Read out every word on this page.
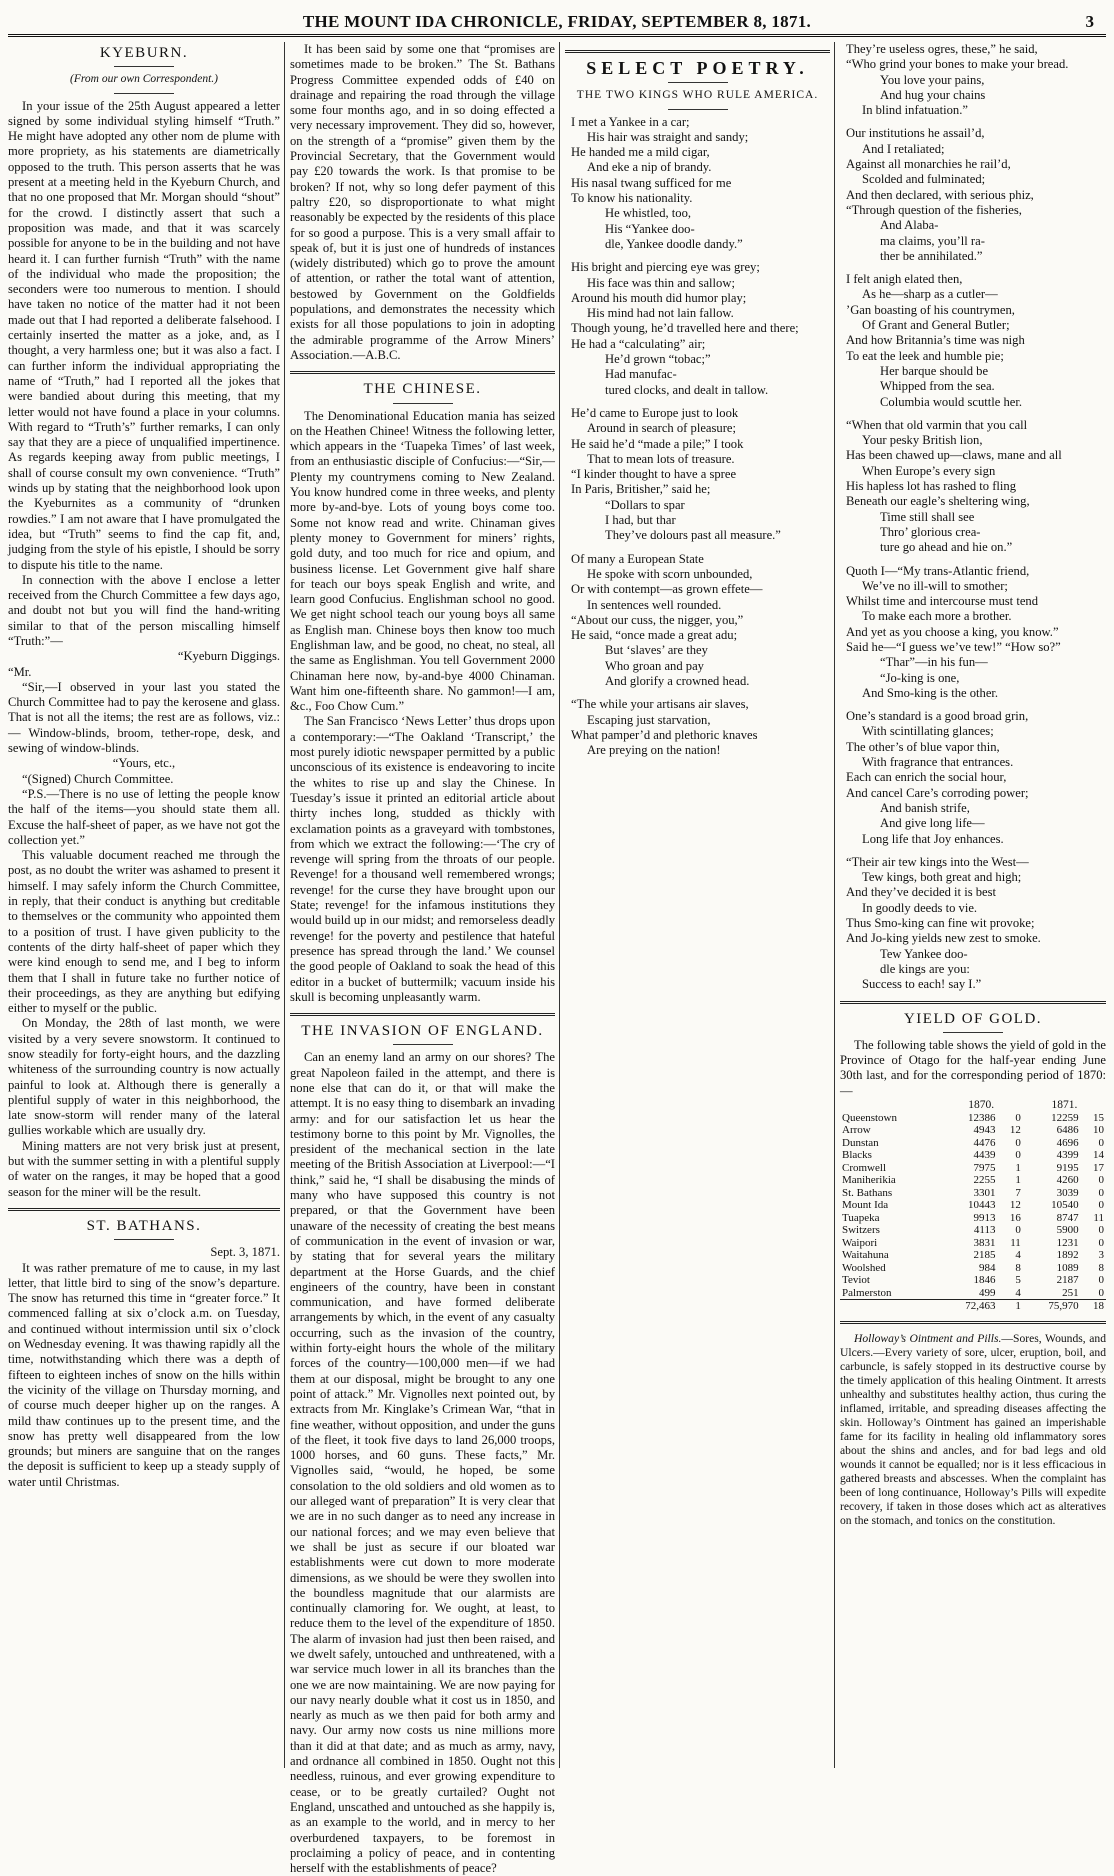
THE MOUNT IDA CHRONICLE, FRIDAY, SEPTEMBER 8, 1871.	3
KYEBURN.
(From our own Correspondent.)

In your issue of the 25th August appeared a letter signed by some individual styling himself “Truth.” He might have adopted any other nom de plume with more propriety, as his statements are diametrically opposed to the truth. This person asserts that he was present at a meeting held in the Kyeburn Church, and that no one proposed that Mr. Morgan should “shout” for the crowd. I distinctly assert that such a proposition was made, and that it was scarcely possible for anyone to be in the building and not have heard it. I can further furnish “Truth” with the name of the individual who made the proposition; the seconders were too numerous to mention. I should have taken no notice of the matter had it not been made out that I had reported a deliberate falsehood. I certainly inserted the matter as a joke, and, as I thought, a very harmless one; but it was also a fact. I can further inform the individual appropriating the name of “Truth,” had I reported all the jokes that were bandied about during this meeting, that my letter would not have found a place in your columns. With regard to “Truth’s” further remarks, I can only say that they are a piece of unqualified impertinence. As regards keeping away from public meetings, I shall of course consult my own convenience. “Truth” winds up by stating that the neighborhood look upon the Kyeburnites as a community of “drunken rowdies.” I am not aware that I have promulgated the idea, but “Truth” seems to find the cap fit, and, judging from the style of his epistle, I should be sorry to dispute his title to the name.

In connection with the above I enclose a letter received from the Church Committee a few days ago, and doubt not but you will find the hand-writing similar to that of the person miscalling himself “Truth:”—

“Kyeburn Diggings.

“Mr.

“Sir,—I observed in your last you stated the Church Committee had to pay the kerosene and glass. That is not all the items; the rest are as follows, viz.:— Window-blinds, broom, tether-rope, desk, and sewing of window-blinds.

“Yours, etc.,

“(Signed) Church Committee.

“P.S.—There is no use of letting the people know the half of the items—you should state them all. Excuse the half-sheet of paper, as we have not got the collection yet.”

This valuable document reached me through the post, as no doubt the writer was ashamed to present it himself. I may safely inform the Church Committee, in reply, that their conduct is anything but creditable to themselves or the community who appointed them to a position of trust. I have given publicity to the contents of the dirty half-sheet of paper which they were kind enough to send me, and I beg to inform them that I shall in future take no further notice of their proceedings, as they are anything but edifying either to myself or the public.

On Monday, the 28th of last month, we were visited by a very severe snowstorm. It continued to snow steadily for forty-eight hours, and the dazzling whiteness of the surrounding country is now actually painful to look at. Although there is generally a plentiful supply of water in this neighborhood, the late snow-storm will render many of the lateral gullies workable which are usually dry.

Mining matters are not very brisk just at present, but with the summer setting in with a plentiful supply of water on the ranges, it may be hoped that a good season for the miner will be the result.

ST. BATHANS.
Sept. 3, 1871.

It was rather premature of me to cause, in my last letter, that little bird to sing of the snow’s departure. The snow has returned this time in “greater force.” It commenced falling at six o’clock a.m. on Tuesday, and continued without intermission until six o’clock on Wednesday evening. It was thawing rapidly all the time, notwithstanding which there was a depth of fifteen to eighteen inches of snow on the hills within the vicinity of the village on Thursday morning, and of course much deeper higher up on the ranges. A mild thaw continues up to the present time, and the snow has pretty well disappeared from the low grounds; but miners are sanguine that on the ranges the deposit is sufficient to keep up a steady supply of water until Christmas.

It has been said by some one that “promises are sometimes made to be broken.” The St. Bathans Progress Committee expended odds of £40 on drainage and repairing the road through the village some four months ago, and in so doing effected a very necessary improvement. They did so, however, on the strength of a “promise” given them by the Provincial Secretary, that the Government would pay £20 towards the work. Is that promise to be broken? If not, why so long defer payment of this paltry £20, so disproportionate to what might reasonably be expected by the residents of this place for so good a purpose. This is a very small affair to speak of, but it is just one of hundreds of instances (widely distributed) which go to prove the amount of attention, or rather the total want of attention, bestowed by Government on the Goldfields populations, and demonstrates the necessity which exists for all those populations to join in adopting the admirable programme of the Arrow Miners’ Association.—A.B.C.

THE CHINESE.

The Denominational Education mania has seized on the Heathen Chinee! Witness the following letter, which appears in the ‘Tuapeka Times’ of last week, from an enthusiastic disciple of Confucius:—“Sir,—Plenty my countrymens coming to New Zealand. You know hundred come in three weeks, and plenty more by-and-bye. Lots of young boys come too. Some not know read and write. Chinaman gives plenty money to Government for miners’ rights, gold duty, and too much for rice and opium, and business license. Let Government give half share for teach our boys speak English and write, and learn good Confucius. Englishman school no good. We get night school teach our young boys all same as English man. Chinese boys then know too much Englishman law, and be good, no cheat, no steal, all the same as Englishman. You tell Government 2000 Chinaman here now, by-and-bye 4000 Chinaman. Want him one-fifteenth share. No gammon!—I am, &c., Foo Chow Cum.”

The San Francisco ‘News Letter’ thus drops upon a contemporary:—“The Oakland ‘Transcript,’ the most purely idiotic newspaper permitted by a public unconscious of its existence is endeavoring to incite the whites to rise up and slay the Chinese. In Tuesday’s issue it printed an editorial article about thirty inches long, studded as thickly with exclamation points as a graveyard with tombstones, from which we extract the following:—‘The cry of revenge will spring from the throats of our people. Revenge! for a thousand well remembered wrongs; revenge! for the curse they have brought upon our State; revenge! for the infamous institutions they would build up in our midst; and remorseless deadly revenge! for the poverty and pestilence that hateful presence has spread through the land.’ We counsel the good people of Oakland to soak the head of this editor in a bucket of buttermilk; vacuum inside his skull is becoming unpleasantly warm.

THE INVASION OF ENGLAND.

Can an enemy land an army on our shores? The great Napoleon failed in the attempt, and there is none else that can do it, or that will make the attempt. It is no easy thing to disembark an invading army: and for our satisfaction let us hear the testimony borne to this point by Mr. Vignolles, the president of the mechanical section in the late meeting of the British Association at Liverpool:—“I think,” said he, “I shall be disabusing the minds of many who have supposed this country is not prepared, or that the Government have been unaware of the necessity of creating the best means of communication in the event of invasion or war, by stating that for several years the military department at the Horse Guards, and the chief engineers of the country, have been in constant communication, and have formed deliberate arrangements by which, in the event of any casualty occurring, such as the invasion of the country, within forty-eight hours the whole of the military forces of the country—100,000 men—if we had them at our disposal, might be brought to any one point of attack.” Mr. Vignolles next pointed out, by extracts from Mr. Kinglake’s Crimean War, “that in fine weather, without opposition, and under the guns of the fleet, it took five days to land 26,000 troops, 1000 horses, and 60 guns. These facts,” Mr. Vignolles said, “would, he hoped, be some consolation to the old soldiers and old women as to our alleged want of preparation” It is very clear that we are in no such danger as to need any increase in our national forces; and we may even believe that we shall be just as secure if our bloated war establishments were cut down to more moderate dimensions, as we should be were they swollen into the boundless magnitude that our alarmists are continually clamoring for. We ought, at least, to reduce them to the level of the expenditure of 1850. The alarm of invasion had just then been raised, and we dwelt safely, untouched and unthreatened, with a war service much lower in all its branches than the one we are now maintaining. We are now paying for our navy nearly double what it cost us in 1850, and nearly as much as we then paid for both army and navy. Our army now costs us nine millions more than it did at that date; and as much as army, navy, and ordnance all combined in 1850. Ought not this needless, ruinous, and ever growing expenditure to cease, or to be greatly curtailed? Ought not England, unscathed and untouched as she happily is, as an example to the world, and in mercy to her overburdened taxpayers, to be foremost in proclaiming a policy of peace, and in contenting herself with the establishments of peace?

SELECT POETRY.
THE TWO KINGS WHO RULE AMERICA.
I met a Yankee in a car;
His hair was straight and sandy;
He handed me a mild cigar,
And eke a nip of brandy.
His nasal twang sufficed for me
To know his nationality.
He whistled, too,
His “Yankee doo-
dle, Yankee doodle dandy.”
His bright and piercing eye was grey;
His face was thin and sallow;
Around his mouth did humor play;
His mind had not lain fallow.
Though young, he’d travelled here and there;
He had a “calculating” air;
He’d grown “tobac;”
Had manufac-
tured clocks, and dealt in tallow.
He’d came to Europe just to look
Around in search of pleasure;
He said he’d “made a pile;” I took
That to mean lots of treasure.
“I kinder thought to have a spree
In Paris, Britisher,” said he;
“Dollars to spar
I had, but thar
They’ve dolours past all measure.”
Of many a European State
He spoke with scorn unbounded,
Or with contempt—as grown effete—
In sentences well rounded.
“About our cuss, the nigger, you,”
He said, “once made a great adu;
But ‘slaves’ are they
Who groan and pay
And glorify a crowned head.
“The while your artisans air slaves,
Escaping just starvation,
What pamper’d and plethoric knaves
Are preying on the nation!
They’re useless ogres, these,” he said,
“Who grind your bones to make your bread.
You love your pains,
And hug your chains
In blind infatuation.”
Our institutions he assail’d,
And I retaliated;
Against all monarchies he rail’d,
Scolded and fulminated;
And then declared, with serious phiz,
“Through question of the fisheries,
And Alaba-
ma claims, you’ll ra-
ther be annihilated.”
I felt anigh elated then,
As he—sharp as a cutler—
’Gan boasting of his countrymen,
Of Grant and General Butler;
And how Britannia’s time was nigh
To eat the leek and humble pie;
Her barque should be
Whipped from the sea.
Columbia would scuttle her.
“When that old varmin that you call
Your pesky British lion,
Has been chawed up—claws, mane and all
When Europe’s every sign
His hapless lot has rashed to fling
Beneath our eagle’s sheltering wing,
Time still shall see
Thro’ glorious crea-
ture go ahead and hie on.”
Quoth I—“My trans-Atlantic friend,
We’ve no ill-will to smother;
Whilst time and intercourse must tend
To make each more a brother.
And yet as you choose a king, you know.”
Said he—“I guess we’ve tew!” “How so?”
“Thar”—in his fun—
“Jo-king is one,
And Smo-king is the other.
One’s standard is a good broad grin,
With scintillating glances;
The other’s of blue vapor thin,
With fragrance that entrances.
Each can enrich the social hour,
And cancel Care’s corroding power;
And banish strife,
And give long life—
Long life that Joy enhances.
“Their air tew kings into the West—
Tew kings, both great and high;
And they’ve decided it is best
In goodly deeds to vie.
Thus Smo-king can fine wit provoke;
And Jo-king yields new zest to smoke.
Tew Yankee doo-
dle kings are you:
Success to each! say I.”
YIELD OF GOLD.

The following table shows the yield of gold in the Province of Otago for the half-year ending June 30th last, and for the corresponding period of 1870:—

	1870.		1871.	
Queenstown	12386	0	12259	15
Arrow	4943	12	6486	10
Dunstan	4476	0	4696	0
Blacks	4439	0	4399	14
Cromwell	7975	1	9195	17
Maniherikia	2255	1	4260	0
St. Bathans	3301	7	3039	0
Mount Ida	10443	12	10540	0
Tuapeka	9913	16	8747	11
Switzers	4113	0	5900	0
Waipori	3831	11	1231	0
Waitahuna	2185	4	1892	3
Woolshed	984	8	1089	8
Teviot	1846	5	2187	0
Palmerston	499	4	251	0
	72,463	1	75,970	18

Holloway’s Ointment and Pills.—Sores, Wounds, and Ulcers.—Every variety of sore, ulcer, eruption, boil, and carbuncle, is safely stopped in its destructive course by the timely application of this healing Ointment. It arrests unhealthy and substitutes healthy action, thus curing the inflamed, irritable, and spreading diseases affecting the skin. Holloway’s Ointment has gained an imperishable fame for its facility in healing old inflammatory sores about the shins and ancles, and for bad legs and old wounds it cannot be equalled; nor is it less efficacious in gathered breasts and abscesses. When the complaint has been of long continuance, Holloway’s Pills will expedite recovery, if taken in those doses which act as alteratives on the stomach, and tonics on the constitution.
